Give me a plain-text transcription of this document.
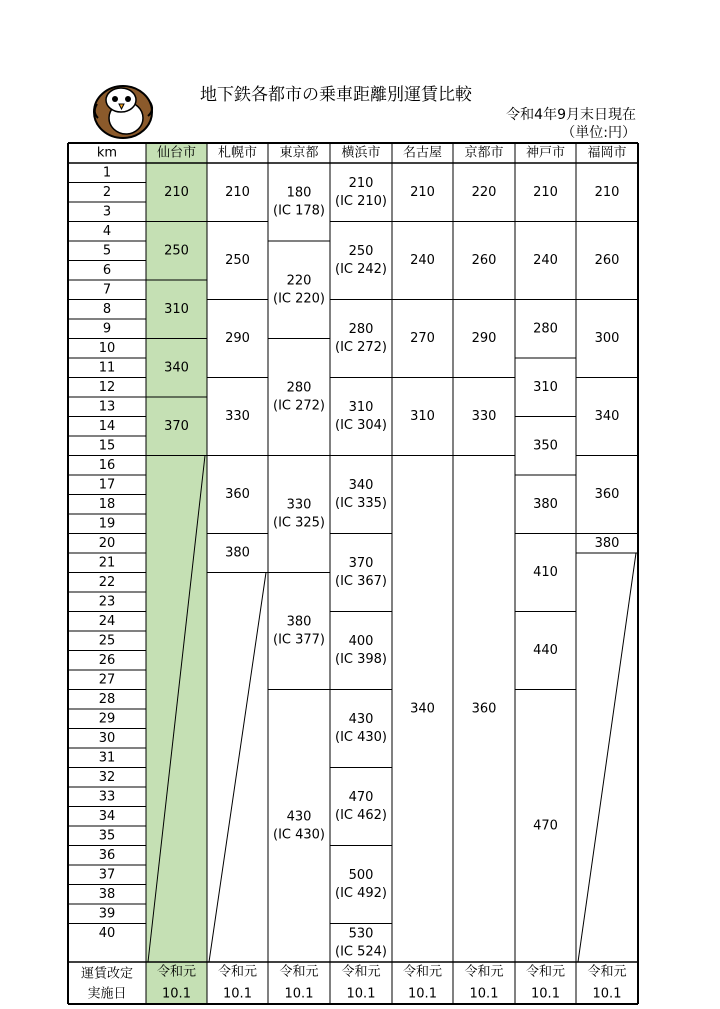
地下鉄各都市の乗車距離別運賃比較
令和4年9月末日現在
（単位:円）
km	仙台市 札幌市 東京都 横浜市 名古屋 京都市 神戸市 福岡市
1
2
3
4
5
6
7
8
9
10
11
12
13
14
15
16
17
18
19
20
21
22
23
24
25
26
27
28
29
30
31
32
33
34
35
36
37
38
39
40
210
250
310
340
370
令和元
10.1
210
250
290
330
360
380
令和元
10.1
180
(IC 178)
220
(IC 220)
280
(IC 272)
330
(IC 325)
380
(IC 377)
430
(IC 430)
令和元
10.1
210
(IC 210)
250
(IC 242)
280
(IC 272)
310
(IC 304)
340
(IC 335)
370
(IC 367)
400
(IC 398)
430
(IC 430)
470
(IC 462)
500
(IC 492)
530
(IC 524)
令和元
10.1
210
240
270
310
340
令和元
10.1
220
260
290
330
360
令和元
10.1
210
240
280
310
350
380
410
440
470
令和元
10.1
210
260
300
340
360
380
令和元
10.1
運賃改定
実施日
